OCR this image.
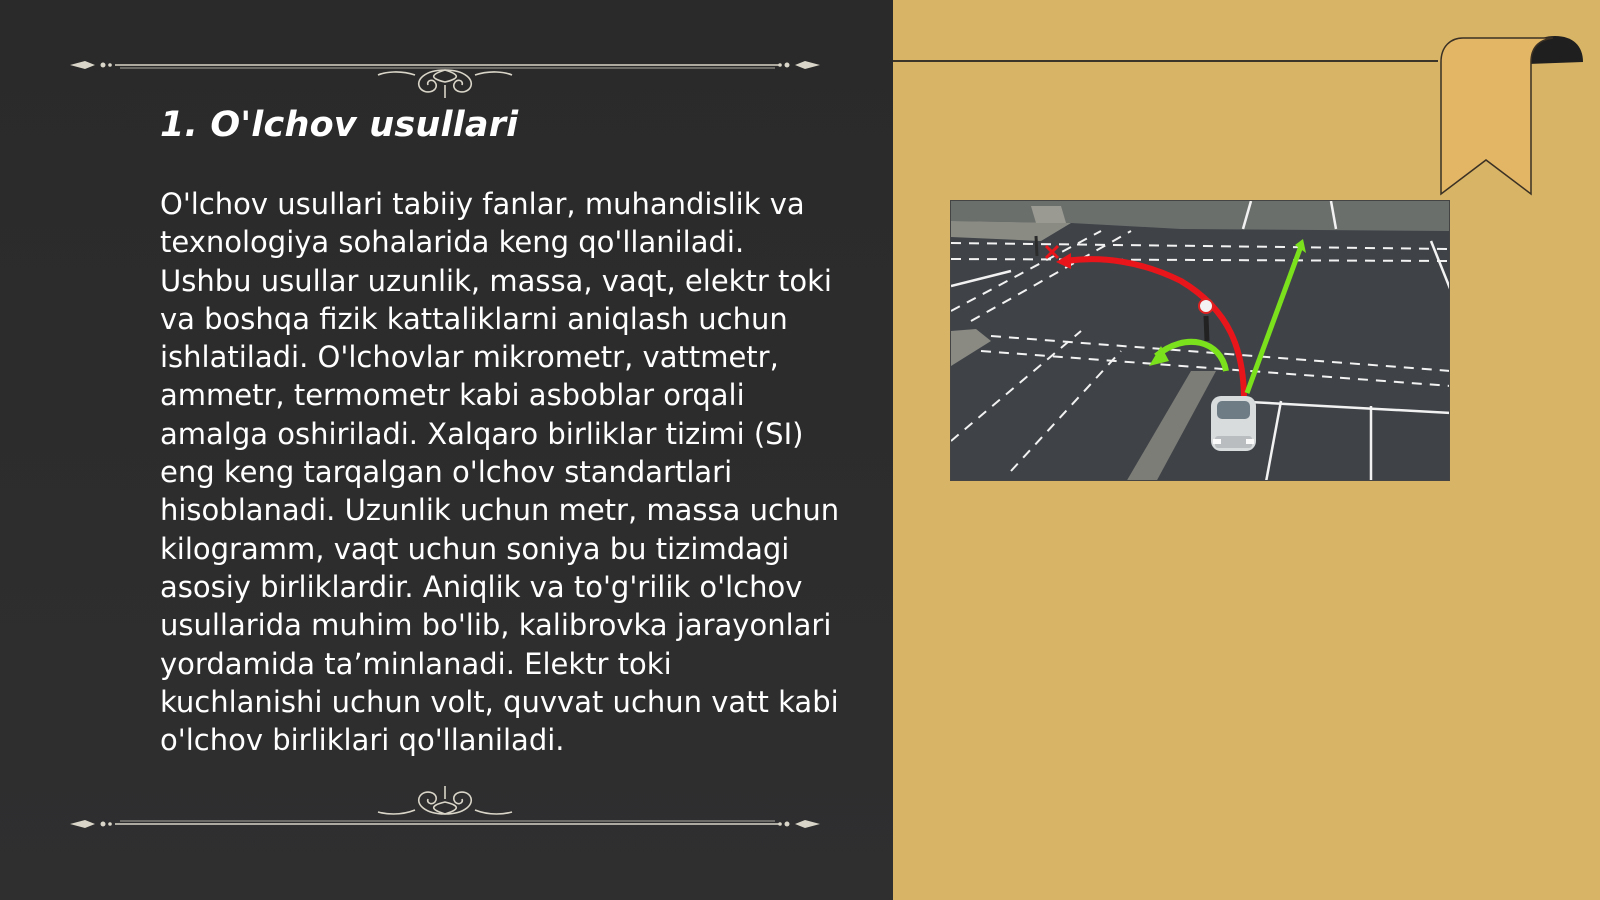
1. O'lchov usullari

O'lchov usullari tabiiy fanlar, muhandislik va texnologiya sohalarida keng qo'llaniladi. Ushbu usullar uzunlik, massa, vaqt, elektr toki va boshqa fizik kattaliklarni aniqlash uchun ishlatiladi. O'lchovlar mikrometr, vattmetr, ammetr, termometr kabi asboblar orqali amalga oshiriladi. Xalqaro birliklar tizimi (SI) eng keng tarqalgan o'lchov standartlari hisoblanadi. Uzunlik uchun metr, massa uchun kilogramm, vaqt uchun soniya bu tizimdagi asosiy birliklardir. Aniqlik va to'g'rilik o'lchov usullarida muhim bo'lib, kalibrovka jarayonlari yordamida ta’minlanadi. Elektr toki kuchlanishi uchun volt, quvvat uchun vatt kabi o'lchov birliklari qo'llaniladi.
